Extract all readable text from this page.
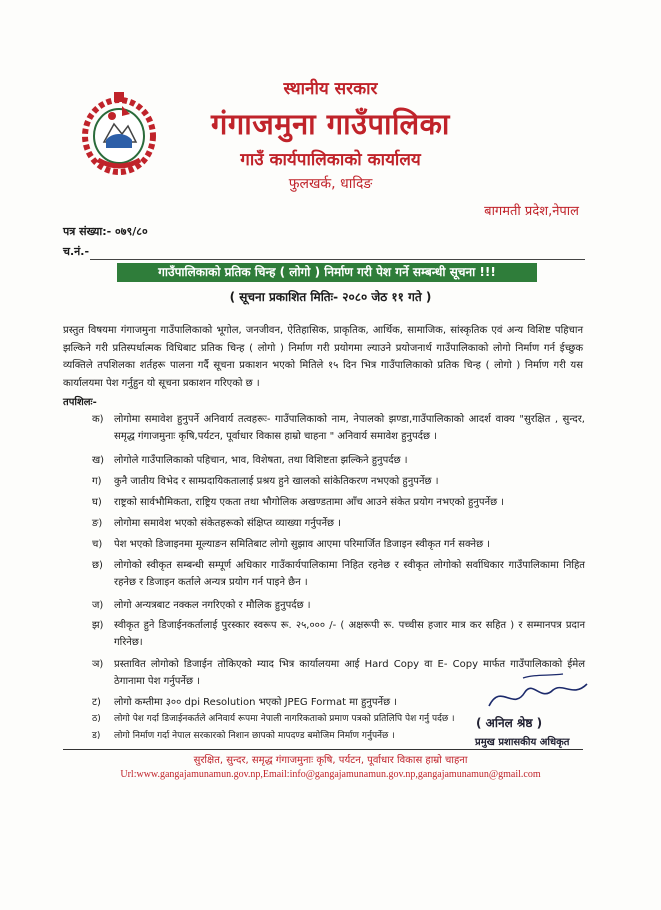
स्थानीय सरकार
गंगाजमुना गाउँपालिका
गाउँ कार्यपालिकाको कार्यालय
फुलखर्क, धादिङ
बागमती प्रदेश,नेपाल
पत्र संख्या:- ०७९/८०
च.नं.-
गाउँपालिकाको प्रतिक चिन्ह ( लोगो ) निर्माण गरी पेश गर्ने सम्बन्धी सूचना !!!
( सूचना प्रकाशित मितिः- २०८० जेठ ११ गते )
प्रस्तुत विषयमा गंगाजमुना गाउँपालिकाको भूगोल, जनजीवन, ऐतिहासिक, प्राकृतिक, आर्थिक, सामाजिक, सांस्कृतिक एवं अन्य विशिष्ट पहिचान झल्किने गरी प्रतिस्पर्धात्मक विधिबाट प्रतिक चिन्ह ( लोगो ) निर्माण गरी प्रयोगमा ल्याउने प्रयोजनार्थ गाउँपालिकाको लोगो निर्माण गर्न ईच्छुक व्यक्तिले तपशिलका शर्तहरू पालना गर्दै सूचना प्रकाशन भएको मितिले १५ दिन भित्र गाउँपालिकाको प्रतिक चिन्ह ( लोगो ) निर्माण गरी यस कार्यालयमा पेश गर्नुहुन यो सूचना प्रकाशन गरिएको छ ।
तपशिलः-
क)	लोगोमा समावेश हुनुपर्ने अनिवार्य तत्वहरूः- गाउँपालिकाको नाम, नेपालको झण्डा,गाउँपालिकाको आदर्श वाक्य "सुरक्षित , सुन्दर, समृद्ध गंगाजमुनाः कृषि,पर्यटन, पूर्वाधार विकास हाम्रो चाहना " अनिवार्य समावेश हुनुपर्दछ ।
ख) लोगोले गाउँपालिकाको पहिचान, भाव, विशेषता, तथा विशिष्टता झल्किने हुनुपर्दछ ।
ग)	कुनै जातीय विभेद र साम्प्रदायिकतालाई प्रश्रय हुने खालको सांकेतिकरण नभएको हुनुपर्नेछ ।
घ)	राष्ट्रको सार्वभौमिकता, राष्ट्रिय एकता तथा भौगोलिक अखण्डतामा आँच आउने संकेत प्रयोग नभएको हुनुपर्नेछ ।
ङ)	लोगोमा समावेश भएको संकेतहरूको संक्षिप्त व्याख्या गर्नुपर्नेछ ।
च)	पेश भएको डिजाइनमा मूल्याङन समितिबाट लोगो सुझाव आएमा परिमार्जित डिजाइन स्वीकृत गर्न सक्नेछ ।
छ)	लोगोको स्वीकृत सम्बन्धी सम्पूर्ण अधिकार गाउँकार्यपालिकामा निहित रहनेछ र स्वीकृत लोगोको सर्वाधिकार गाउँपालिकामा निहित रहनेछ र डिजाइन कर्ताले अन्यत्र प्रयोग गर्न पाइने छैन ।
ज)	लोगो अन्यत्रबाट नक्कल नगरिएको र मौलिक हुनुपर्दछ ।
झ)	स्वीकृत हुने डिजाईनकर्तालाई पुरस्कार स्वरूप रू. २५,००० /- ( अक्षरूपी रू. पच्चीस हजार मात्र कर सहित ) र सम्मानपत्र प्रदान गरिनेछ।
ञ)	प्रस्तावित लोगोको डिजाईन तोकिएको म्याद भित्र कार्यालयमा आई Hard Copy वा E- Copy मार्फत गाउँपालिकाको ईमेल ठेगानामा पेश गर्नुपर्नेछ ।
ट)	लोगो कम्तीमा ३०० dpi Resolution भएको JPEG Format मा हुनुपर्नेछ ।
ठ)	लोगो पेश गर्दा डिजाईनकर्तले अनिवार्य रूपमा नेपाली नागरिकताको प्रमाण पत्रको प्रतिलिपि पेश गर्नु पर्दछ ।
ड)	लोगो निर्माण गर्दा नेपाल सरकारको निशान छापको मापदण्ड बमोजिम निर्माण गर्नुपर्नेछ ।
( अनिल श्रेष्ठ )
प्रमुख प्रशासकीय अधिकृत
सुरक्षित, सुन्दर, समृद्ध गंगाजमुनाः कृषि, पर्यटन, पूर्वाधार विकास हाम्रो चाहना
Url:www.gangajamunamun.gov.np,Email:info@gangajamunamun.gov.np,gangajamunamun@gmail.com
